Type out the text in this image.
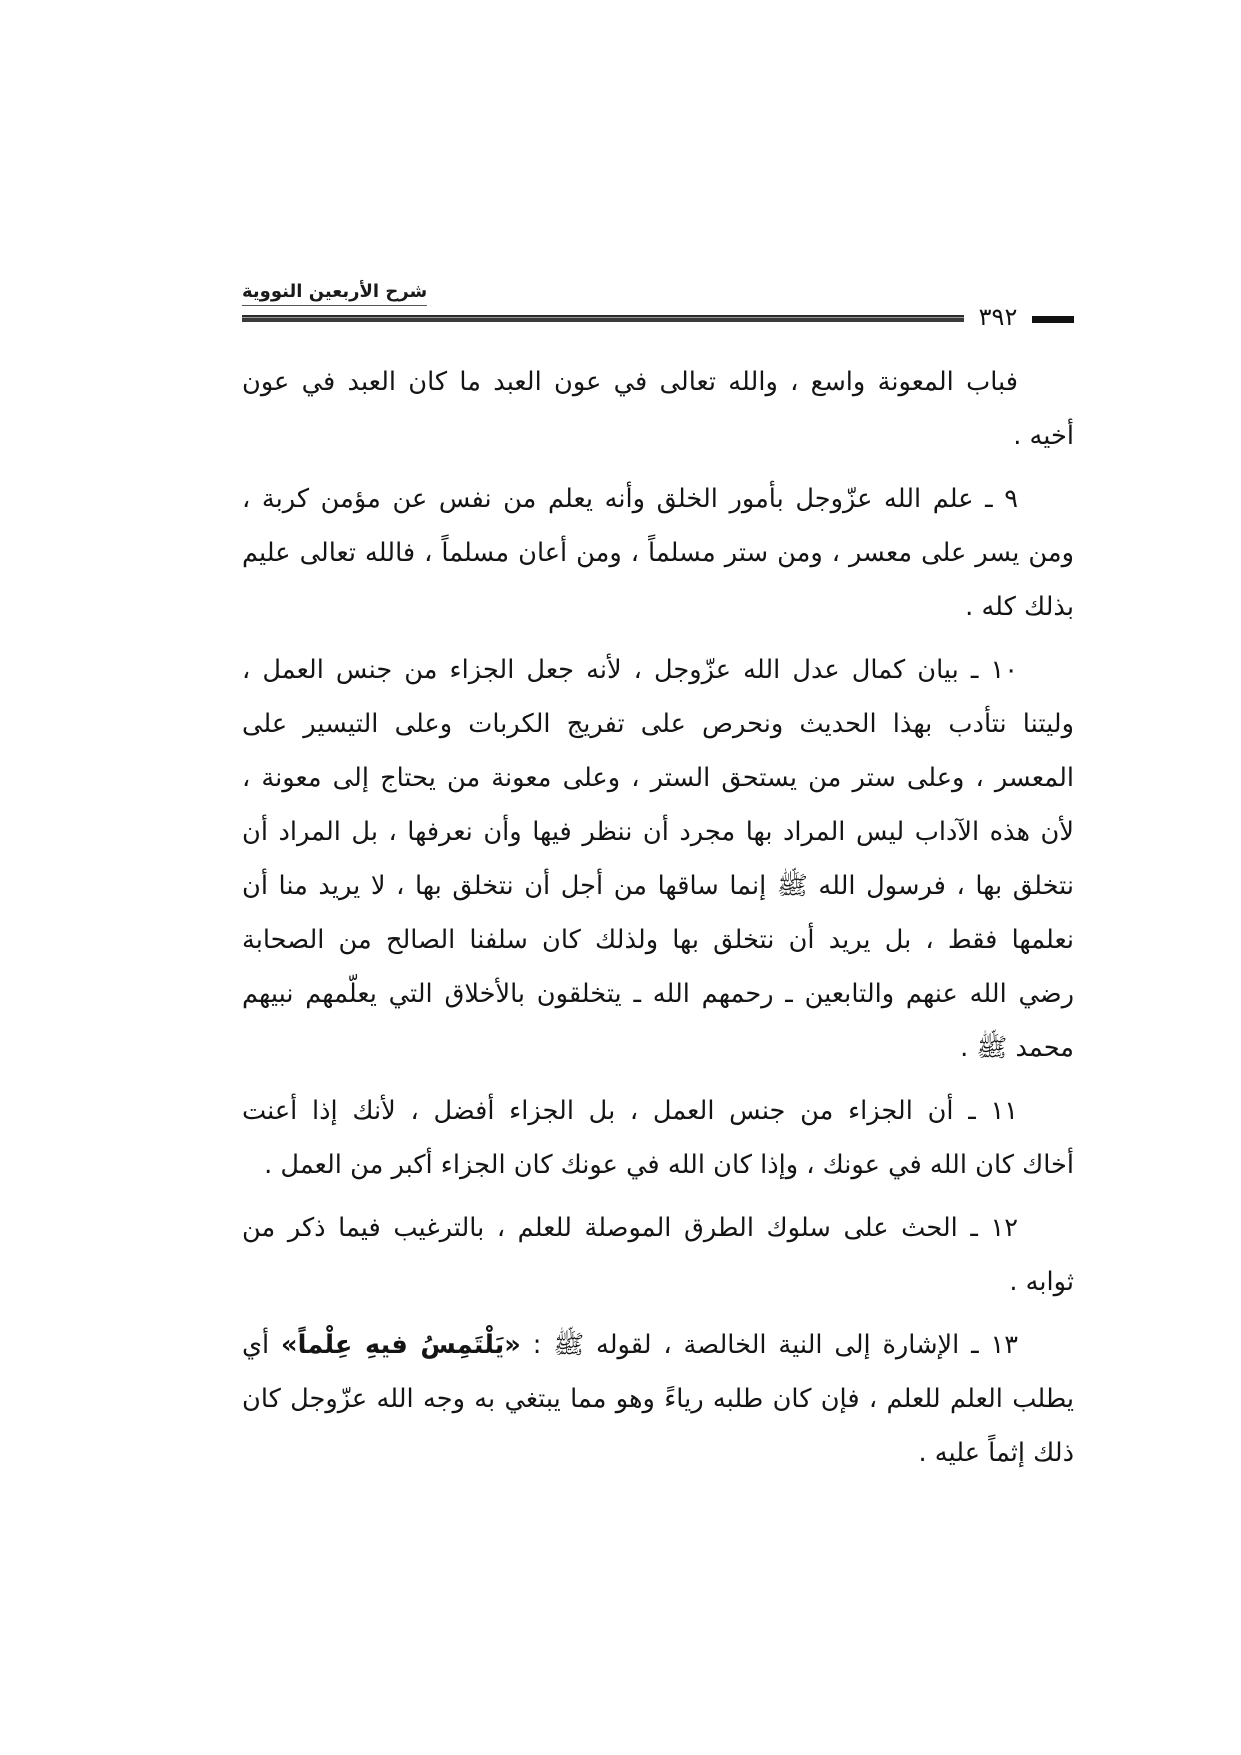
شرح الأربعين النووية
٣٩٢
فباب المعونة واسع ، والله تعالى في عون العبد ما كان العبد في عون
أخيه .
٩ ـ علم الله عزّوجل بأمور الخلق وأنه يعلم من نفس عن مؤمن كربة ،
ومن يسر على معسر ، ومن ستر مسلماً ، ومن أعان مسلماً ، فالله تعالى عليم
بذلك كله .
١٠ ـ بيان كمال عدل الله عزّوجل ، لأنه جعل الجزاء من جنس العمل ،
وليتنا نتأدب بهذا الحديث ونحرص على تفريج الكربات وعلى التيسير على
المعسر ، وعلى ستر من يستحق الستر ، وعلى معونة من يحتاج إلى معونة ،
لأن هذه الآداب ليس المراد بها مجرد أن ننظر فيها وأن نعرفها ، بل المراد أن
نتخلق بها ، فرسول الله ﷺ إنما ساقها من أجل أن نتخلق بها ، لا يريد منا أن
نعلمها فقط ، بل يريد أن نتخلق بها ولذلك كان سلفنا الصالح من الصحابة
رضي الله عنهم والتابعين ـ رحمهم الله ـ يتخلقون بالأخلاق التي يعلّمهم نبيهم
محمد ﷺ .
١١ ـ أن الجزاء من جنس العمل ، بل الجزاء أفضل ، لأنك إذا أعنت
أخاك كان الله في عونك ، وإذا كان الله في عونك كان الجزاء أكبر من العمل .
١٢ ـ الحث على سلوك الطرق الموصلة للعلم ، بالترغيب فيما ذكر من
ثوابه .
١٣ ـ الإشارة إلى النية الخالصة ، لقوله ﷺ : «يَلْتَمِسُ فيهِ عِلْماً» أي
يطلب العلم للعلم ، فإن كان طلبه رياءً وهو مما يبتغي به وجه الله عزّوجل كان
ذلك إثماً عليه .
